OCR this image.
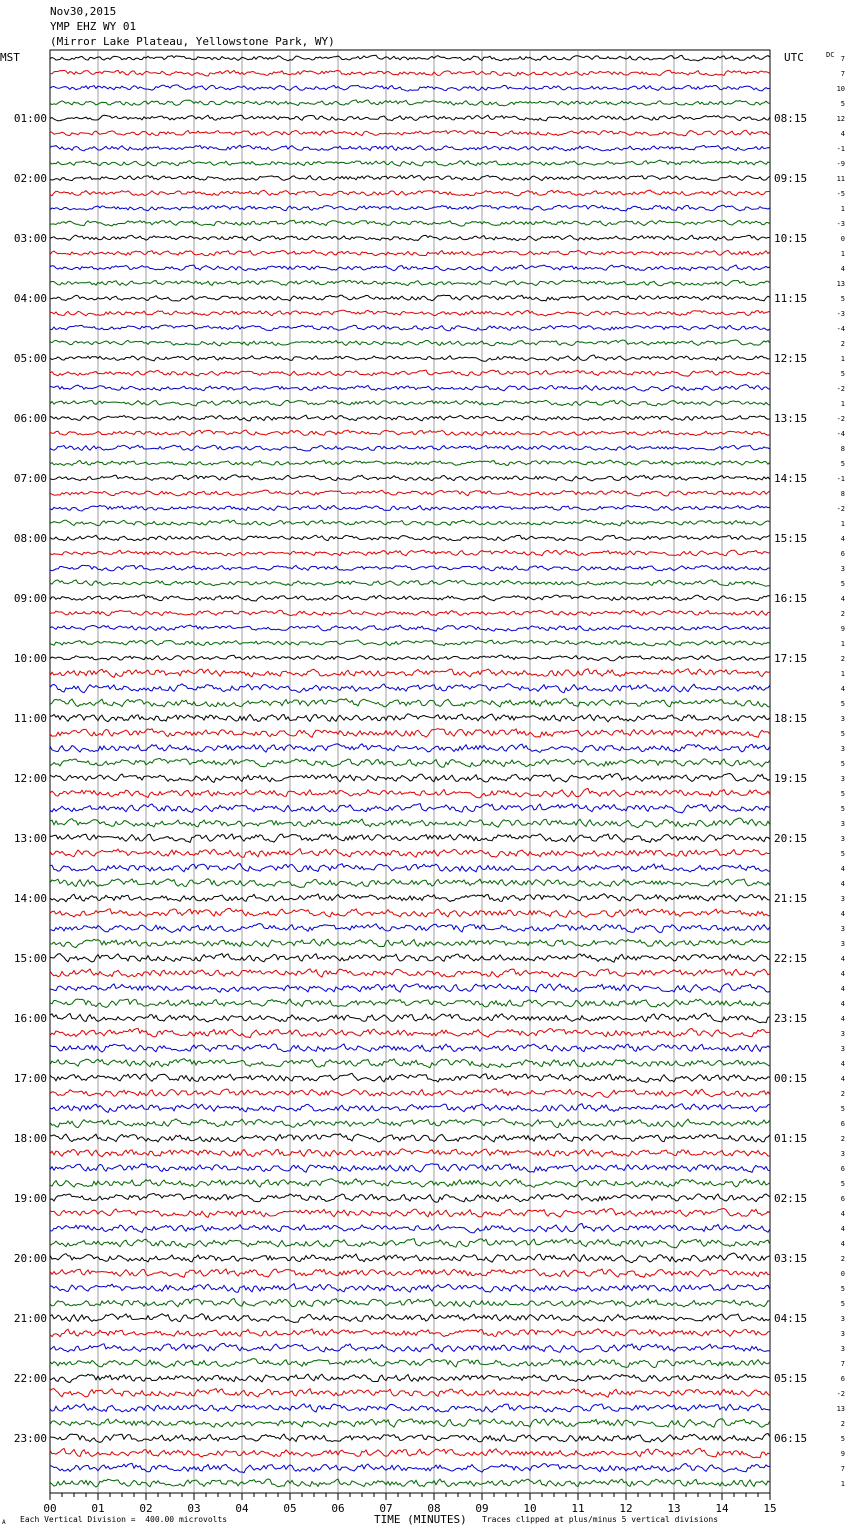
Nov30,2015
YMP EHZ WY 01
(Mirror Lake Plateau, Yellowstone Park, WY)
01:00
02:00
03:00
04:00
05:00
06:00
07:00
08:00
09:00
10:00
11:00
12:00
13:00
14:00
15:00
16:00
17:00
18:00
19:00
20:00
21:00
22:00
23:00
08:15
09:15
10:15
11:15
12:15
13:15
14:15
15:15
16:15
17:15
18:15
19:15
20:15
21:15
22:15
23:15
00:15
01:15
02:15
03:15
04:15
05:15
06:15
7
7
10
5
12
4
-1
-9
11
-5
1
-3
0
1
4
13
5
-3
-4
2
1
5
-2
1
-2
-4
8
5
-1
8
-2
1
4
6
3
5
4
2
9
1
2
1
4
5
3
5
3
5
3
5
5
3
3
5
4
4
3
4
3
3
4
4
4
4
4
3
3
4
4
2
5
6
2
3
6
5
6
4
4
4
2
0
5
5
3
3
3
7
6
-2
13
2
5
9
7
1
00	01	02	03	04	05	06	07	08	09	10	11	12	13	14	15
MST	UTC	DC
TIME (MINUTES)
A Each Vertical Division =  400.00 microvolts	Traces clipped at plus/minus 5 vertical divisions
